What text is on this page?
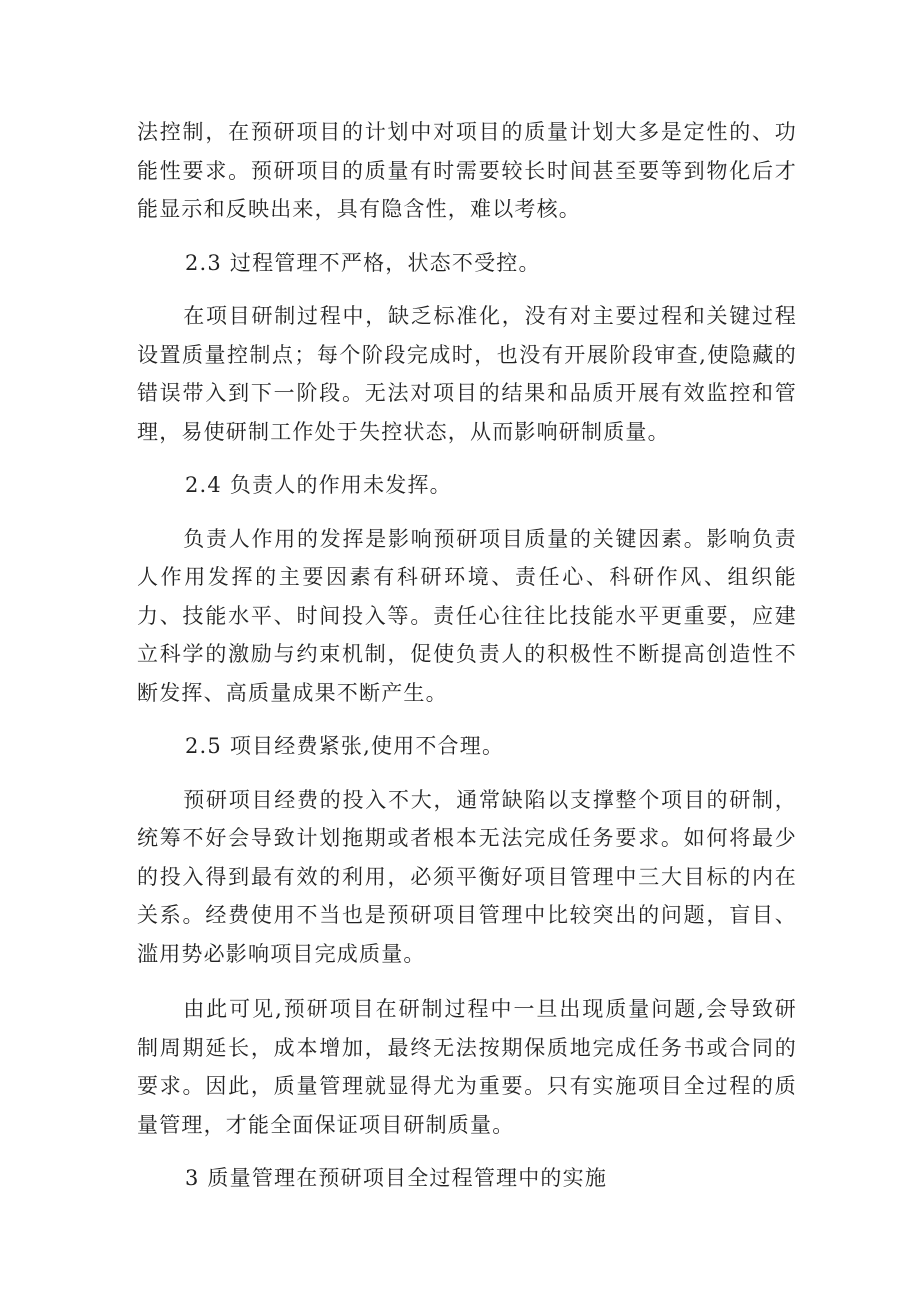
法控制，在预研项目的计划中对项目的质量计划大多是定性的、功能性要求。预研项目的质量有时需要较长时间甚至要等到物化后才能显示和反映出来，具有隐含性，难以考核。

2.3 过程管理不严格，状态不受控。

在项目研制过程中，缺乏标准化，没有对主要过程和关键过程设置质量控制点；每个阶段完成时，也没有开展阶段审查,使隐藏的错误带入到下一阶段。无法对项目的结果和品质开展有效监控和管理，易使研制工作处于失控状态，从而影响研制质量。

2.4 负责人的作用未发挥。

负责人作用的发挥是影响预研项目质量的关键因素。影响负责人作用发挥的主要因素有科研环境、责任心、科研作风、组织能力、技能水平、时间投入等。责任心往往比技能水平更重要，应建立科学的激励与约束机制，促使负责人的积极性不断提高创造性不断发挥、高质量成果不断产生。

2.5 项目经费紧张,使用不合理。

预研项目经费的投入不大，通常缺陷以支撑整个项目的研制，统筹不好会导致计划拖期或者根本无法完成任务要求。如何将最少的投入得到最有效的利用，必须平衡好项目管理中三大目标的内在关系。经费使用不当也是预研项目管理中比较突出的问题，盲目、滥用势必影响项目完成质量。

由此可见,预研项目在研制过程中一旦出现质量问题,会导致研制周期延长，成本增加，最终无法按期保质地完成任务书或合同的要求。因此，质量管理就显得尤为重要。只有实施项目全过程的质量管理，才能全面保证项目研制质量。

3 质量管理在预研项目全过程管理中的实施
